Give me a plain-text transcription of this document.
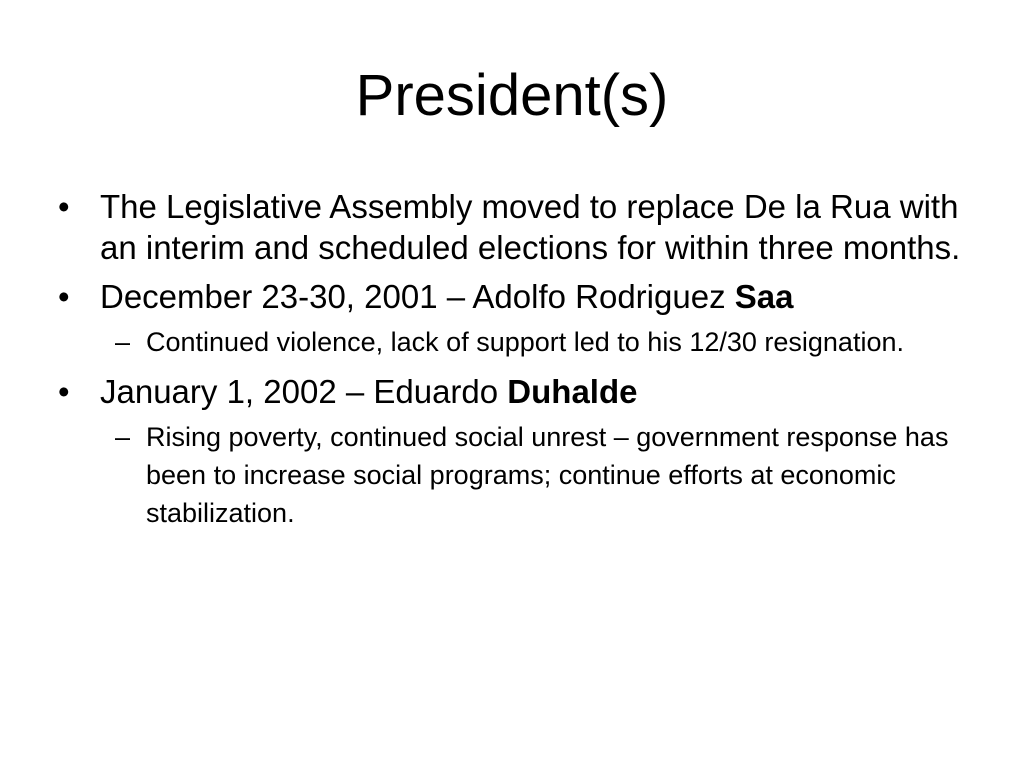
President(s)
• The Legislative Assembly moved to replace De la Rua with an interim and scheduled elections for within three months.
• December 23-30, 2001 – Adolfo Rodriguez Saa
– Continued violence, lack of support led to his 12/30 resignation.
• January 1, 2002 – Eduardo Duhalde
– Rising poverty, continued social unrest – government response has been to increase social programs; continue efforts at economic stabilization.
